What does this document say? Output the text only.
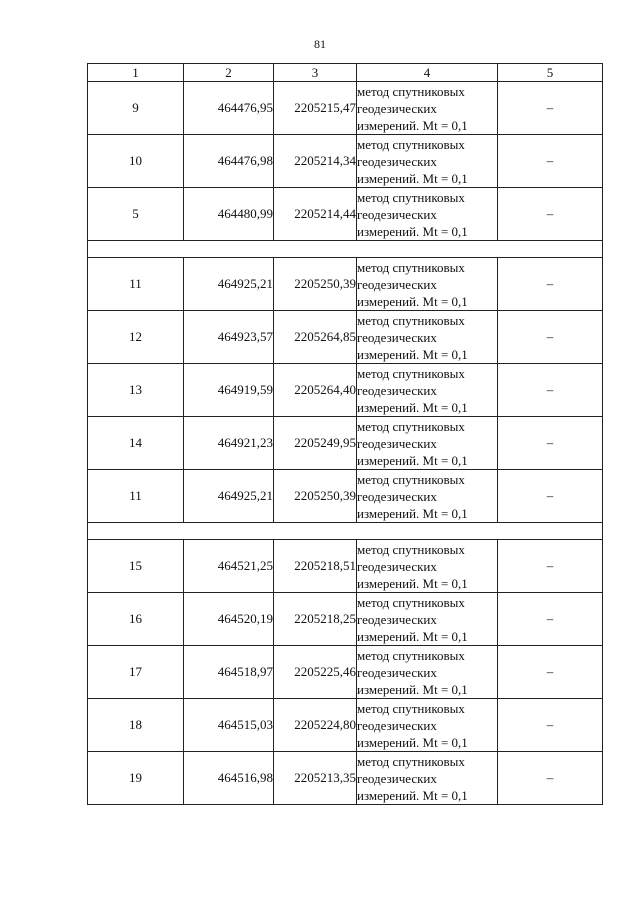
81
1	2	3	4	5
9	464476,95	2205215,47	метод спутниковых
геодезических
измерений. Mt = 0,1	–
10	464476,98	2205214,34	метод спутниковых
геодезических
измерений. Mt = 0,1	–
5	464480,99	2205214,44	метод спутниковых
геодезических
измерений. Mt = 0,1	–

11	464925,21	2205250,39	метод спутниковых
геодезических
измерений. Mt = 0,1	–
12	464923,57	2205264,85	метод спутниковых
геодезических
измерений. Mt = 0,1	–
13	464919,59	2205264,40	метод спутниковых
геодезических
измерений. Mt = 0,1	–
14	464921,23	2205249,95	метод спутниковых
геодезических
измерений. Mt = 0,1	–
11	464925,21	2205250,39	метод спутниковых
геодезических
измерений. Mt = 0,1	–

15	464521,25	2205218,51	метод спутниковых
геодезических
измерений. Mt = 0,1	–
16	464520,19	2205218,25	метод спутниковых
геодезических
измерений. Mt = 0,1	–
17	464518,97	2205225,46	метод спутниковых
геодезических
измерений. Mt = 0,1	–
18	464515,03	2205224,80	метод спутниковых
геодезических
измерений. Mt = 0,1	–
19	464516,98	2205213,35	метод спутниковых
геодезических
измерений. Mt = 0,1	–
